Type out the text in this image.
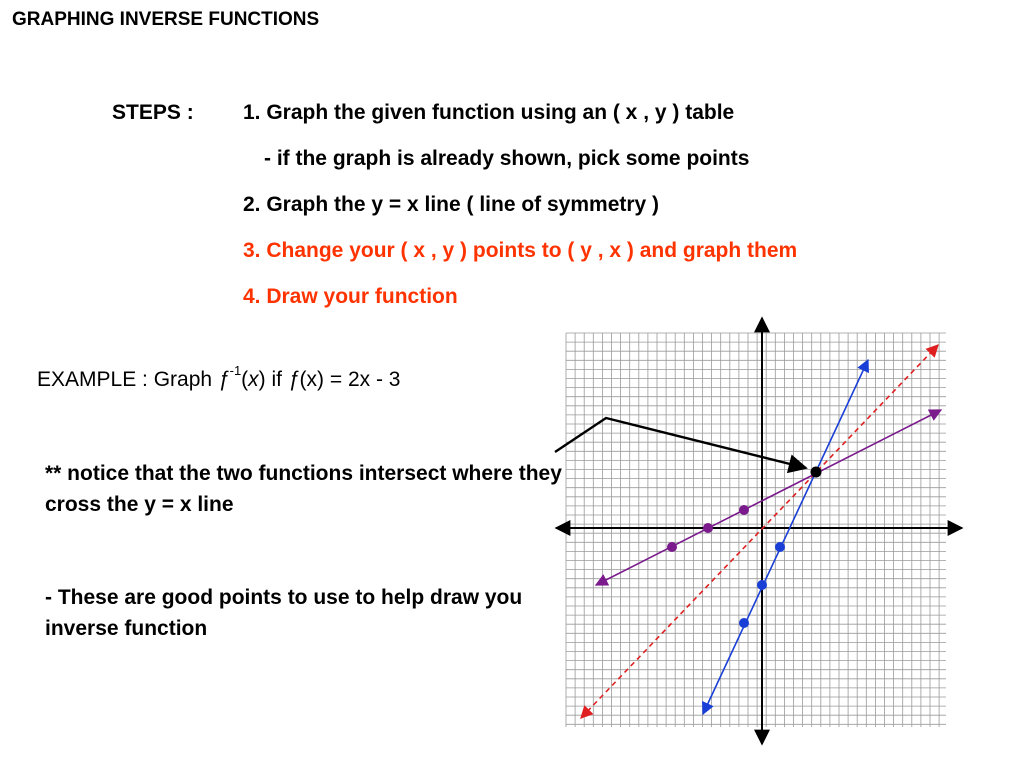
GRAPHING INVERSE FUNCTIONS
STEPS : 1. Graph the given function using an ( x , y ) table
- if the graph is already shown, pick some points
2. Graph the y = x line ( line of symmetry )
3. Change your ( x , y ) points to ( y , x ) and graph them
4. Draw your function
EXAMPLE : Graph $ƒ^{-1}(x)$ if ƒ(x) = 2x - 3
** notice that the two functions intersect where they cross the y = x line
- These are good points to use to help draw you inverse function
